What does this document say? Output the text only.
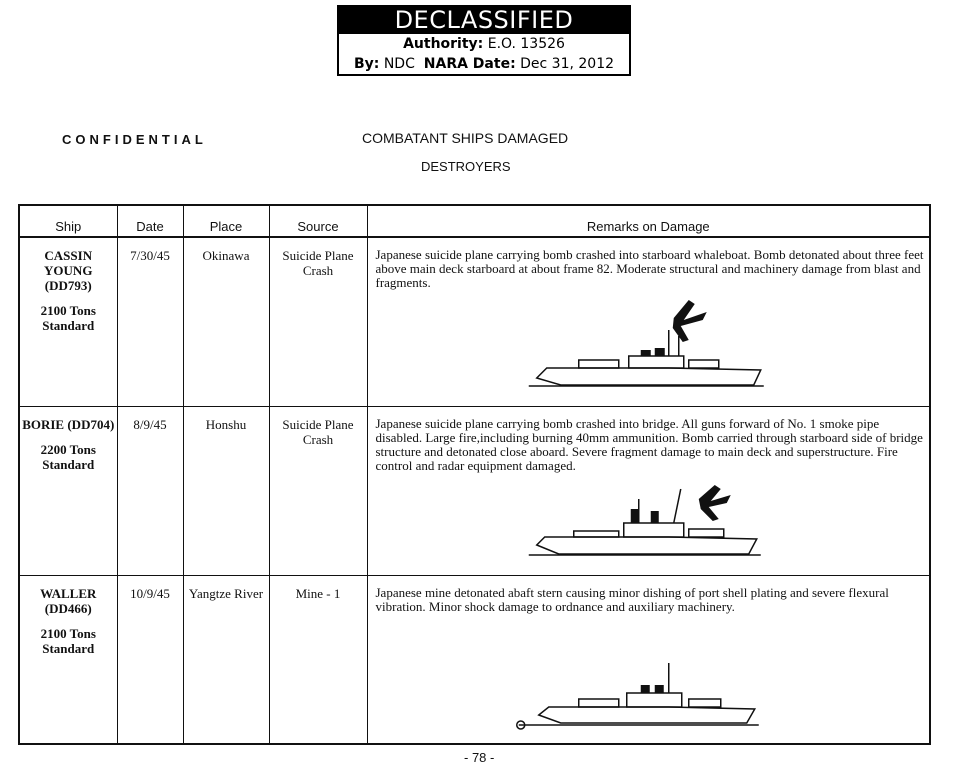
DECLASSIFIED
Authority: E.O. 13526
By: NDC NARA Date: Dec 31, 2012
CONFIDENTIAL	COMBATANT SHIPS DAMAGED
DESTROYERS
Ship	Date	Place	Source	Remarks on Damage

CASSIN YOUNG (DD793)
2100 Tons Standard	7/30/45	Okinawa	Suicide Plane Crash	Japanese suicide plane carrying bomb crashed into starboard whaleboat. Bomb detonated about three feet above main deck starboard at about frame 82. Moderate structural and machinery damage from blast and fragments.

BORIE (DD704)
2200 Tons Standard	8/9/45	Honshu	Suicide Plane Crash	Japanese suicide plane carrying bomb crashed into bridge. All guns forward of No. 1 smoke pipe disabled. Large fire,including burning 40mm ammunition. Bomb carried through starboard side of bridge structure and detonated close aboard. Severe fragment damage to main deck and superstructure. Fire control and radar equipment damaged.

WALLER (DD466)
2100 Tons Standard	10/9/45	Yangtze River	Mine - 1	Japanese mine detonated abaft stern causing minor dishing of port shell plating and severe flexural vibration. Minor shock damage to ordnance and auxiliary machinery.
- 78 -
